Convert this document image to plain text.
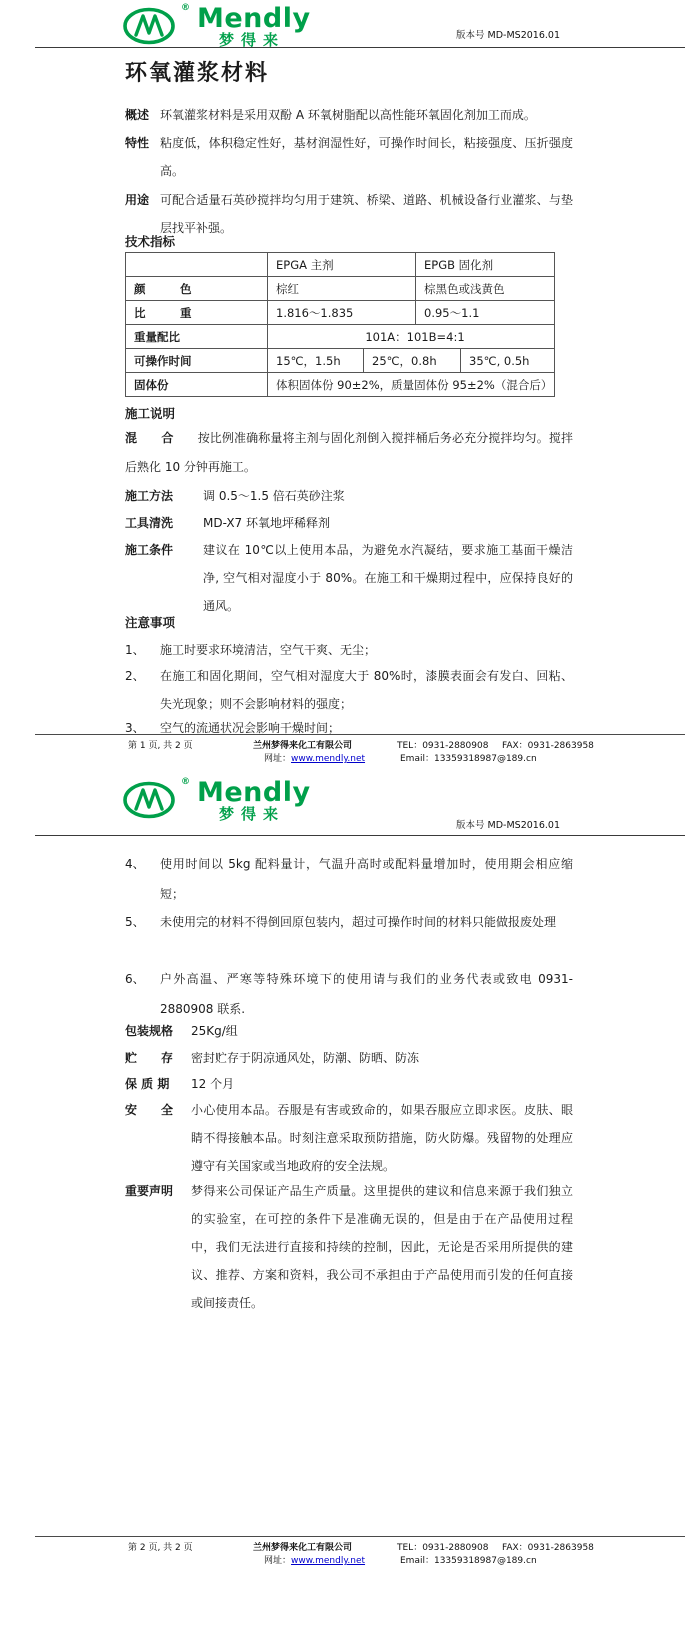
® Mendly
梦得来	版本号 MD-MS2016.01
环氧灌浆材料
概述 环氧灌浆材料是采用双酚 A 环氧树脂配以高性能环氧固化剂加工而成。
特性 粘度低，体积稳定性好，基材润湿性好，可操作时间长，粘接强度、压折强度高。
用途 可配合适量石英砂搅拌均匀用于建筑、桥梁、道路、机械设备行业灌浆、与垫层找平补强。
技术指标
	EPGA 主剂		EPGB 固化剂	
颜　　　色	棕红		棕黑色或浅黄色	
比　　　重	1.816～1.835		0.95～1.1	
重量配比	101A：101B=4:1			
可操作时间	15℃，1.5h	25℃，0.8h		35℃, 0.5h
固体份	体积固体份 90±2%，质量固体份 95±2%（混合后）			
施工说明
混　　合　　 按比例准确称量将主剂与固化剂倒入搅拌桶后务必充分搅拌均匀。搅拌后熟化 10 分钟再施工。
施工方法	调 0.5～1.5 倍石英砂注浆
工具清洗	MD-X7 环氧地坪稀释剂
施工条件	建议在 10℃以上使用本品，为避免水汽凝结，要求施工基面干燥洁净, 空气相对湿度小于 80%。在施工和干燥期过程中，应保持良好的通风。
注意事项
1、	施工时要求环境清洁，空气干爽、无尘；
2、	在施工和固化期间，空气相对湿度大于 80%时，漆膜表面会有发白、回粘、失光现象；则不会影响材料的强度；
3、	空气的流通状况会影响干燥时间；
第 1 页, 共 2 页	兰州梦得来化工有限公司	TEL：0931-2880908 FAX：0931-2863958
网址：www.mendly.net	Email：13359318987@189.cn
® Mendly
梦得来
版本号 MD-MS2016.01
4、	使用时间以 5kg 配料量计，气温升高时或配料量增加时，使用期会相应缩短；
5、	未使用完的材料不得倒回原包装内，超过可操作时间的材料只能做报废处理
6、	户外高温、严寒等特殊环境下的使用请与我们的业务代表或致电 0931-2880908 联系.
包装规格	25Kg/组
贮　　存	密封贮存于阴凉通风处，防潮、防晒、防冻
保 质 期	12 个月
安　　全	小心使用本品。吞服是有害或致命的，如果吞服应立即求医。皮肤、眼睛不得接触本品。时刻注意采取预防措施，防火防爆。残留物的处理应遵守有关国家或当地政府的安全法规。
重要声明	梦得来公司保证产品生产质量。这里提供的建议和信息来源于我们独立的实验室，在可控的条件下是准确无误的，但是由于在产品使用过程中，我们无法进行直接和持续的控制，因此，无论是否采用所提供的建议、推荐、方案和资料，我公司不承担由于产品使用而引发的任何直接或间接责任。
第 2 页, 共 2 页	兰州梦得来化工有限公司	TEL：0931-2880908 FAX：0931-2863958
网址：www.mendly.net	Email：13359318987@189.cn
